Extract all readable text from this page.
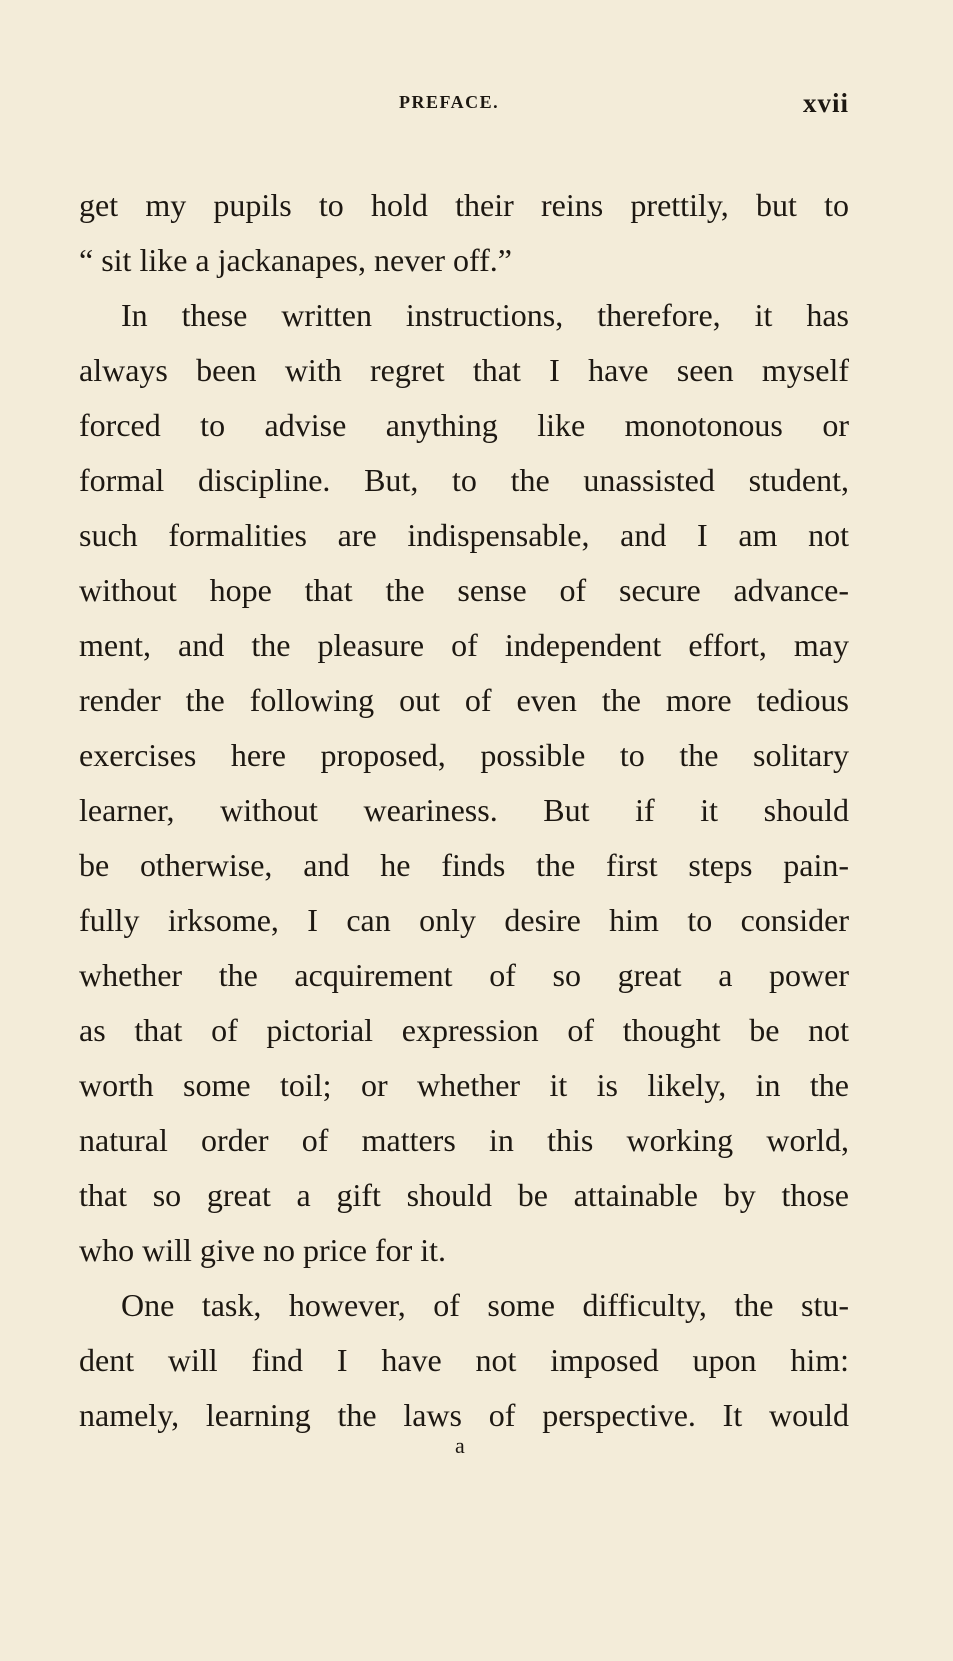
PREFACE.	xvii
get my pupils to hold their reins prettily, but to
“ sit like a jackanapes, never off.”
In these written instructions, therefore, it has
always been with regret that I have seen myself
forced to advise anything like monotonous or
formal discipline. But, to the unassisted student,
such formalities are indispensable, and I am not
without hope that the sense of secure advance-
ment, and the pleasure of independent effort, may
render the following out of even the more tedious
exercises here proposed, possible to the solitary
learner, without weariness. But if it should
be otherwise, and he finds the first steps pain-
fully irksome, I can only desire him to consider
whether the acquirement of so great a power
as that of pictorial expression of thought be not
worth some toil; or whether it is likely, in the
natural order of matters in this working world,
that so great a gift should be attainable by those
who will give no price for it.
One task, however, of some difficulty, the stu-
dent will find I have not imposed upon him:
namely, learning the laws of perspective. It would
a
